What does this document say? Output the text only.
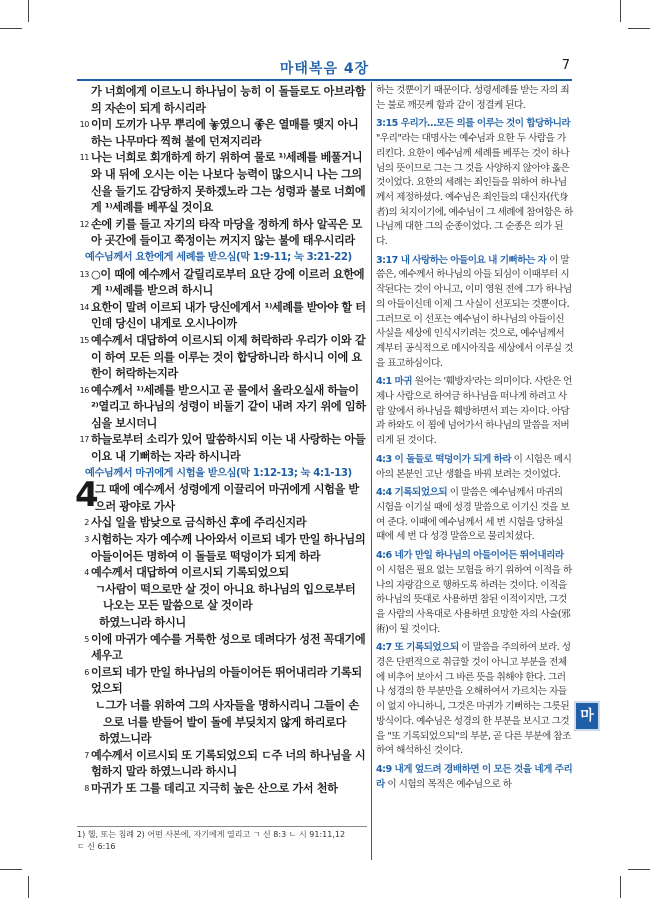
마태복음 4장	7
가 너희에게 이르노니 하나님이 능히 이 돌들로도 아브라함의 자손이 되게 하시리라
10 이미 도끼가 나무 뿌리에 놓였으니 좋은 열매를 맺지 아니하는 나무마다 찍혀 불에 던져지리라
11 나는 너희로 회개하게 하기 위하여 물로 ¹⁾세례를 베풀거니와 내 뒤에 오시는 이는 나보다 능력이 많으시니 나는 그의 신을 들기도 감당하지 못하겠노라 그는 성령과 불로 너희에게 ¹⁾세례를 베푸실 것이요
12 손에 키를 들고 자기의 타작 마당을 정하게 하사 알곡은 모아 곳간에 들이고 쭉정이는 꺼지지 않는 불에 태우시리라
예수님께서 요한에게 세례를 받으심(막 1:9-11; 눅 3:21-22)
13 ○이 때에 예수께서 갈릴리로부터 요단 강에 이르러 요한에게 ¹⁾세례를 받으려 하시니
14 요한이 말려 이르되 내가 당신에게서 ¹⁾세례를 받아야 할 터인데 당신이 내게로 오시나이까
15 예수께서 대답하여 이르시되 이제 허락하라 우리가 이와 같이 하여 모든 의를 이루는 것이 합당하니라 하시니 이에 요한이 허락하는지라
16 예수께서 ¹⁾세례를 받으시고 곧 물에서 올라오실새 하늘이 ²⁾열리고 하나님의 성령이 비둘기 같이 내려 자기 위에 임하심을 보시더니
17 하늘로부터 소리가 있어 말씀하시되 이는 내 사랑하는 아들이요 내 기뻐하는 자라 하시니라
예수님께서 마귀에게 시험을 받으심(막 1:12-13; 눅 4:1-13)
4
그 때에 예수께서 성령에게 이끌리어 마귀에게 시험을 받으러 광야로 가사
2 사십 일을 밤낮으로 금식하신 후에 주리신지라
3 시험하는 자가 예수께 나아와서 이르되 네가 만일 하나님의 아들이어든 명하여 이 돌들로 떡덩이가 되게 하라
4 예수께서 대답하여 이르시되 기록되었으되
ㄱ사람이 떡으로만 살 것이 아니요 하나님의 입으로부터 나오는 모든 말씀으로 살 것이라
하였느니라 하시니
5 이에 마귀가 예수를 거룩한 성으로 데려다가 성전 꼭대기에 세우고
6 이르되 네가 만일 하나님의 아들이어든 뛰어내리라 기록되었으되
ㄴ그가 너를 위하여 그의 사자들을 명하시리니 그들이 손으로 너를 받들어 발이 돌에 부딪치지 않게 하리로다
하였느니라
7 예수께서 이르시되 또 기록되었으되 ㄷ주 너의 하나님을 시험하지 말라 하였느니라 하시니
8 마귀가 또 그를 데리고 지극히 높은 산으로 가서 천하
1) 헬, 또는 침례 2) 어떤 사본에, 자기에게 열리고 ㄱ 신 8:3 ㄴ 시 91:11,12
ㄷ 신 6:16

하는 것뿐이기 때문이다. 성령세례를 받는 자의 죄는 불로 깨끗케 함과 같이 정결케 된다.

3:15 우리가…모든 의를 이루는 것이 합당하니라 "우리"라는 대명사는 예수님과 요한 두 사람을 가리킨다. 요한이 예수님께 세례를 베푸는 것이 하나님의 뜻이므로 그는 그 것을 사양하지 않아야 옳은 것이었다. 요한의 세례는 죄인들을 위하여 하나님께서 제정하셨다. 예수님은 죄인들의 대신자(代身者)의 처지이기에, 예수님이 그 세례에 참여함은 하나님께 대한 그의 순종이었다. 그 순종은 의가 된다.

3:17 내 사랑하는 아들이요 내 기뻐하는 자 이 말씀은, 예수께서 하나님의 아들 되심이 이때부터 시작된다는 것이 아니고, 이미 영원 전에 그가 하나님의 아들이신데 이제 그 사실이 선포되는 것뿐이다. 그러므로 이 선포는 예수님이 하나님의 아들이신 사실을 세상에 인식시키려는 것으로, 예수님께서 계부터 공식적으로 메시아직을 세상에서 이루실 것을 표고하심이다.

4:1 마귀 원어는 '훼방자'라는 의미이다. 사탄은 언제나 사람으로 하여금 하나님을 떠나게 하려고 사람 앞에서 하나님을 훼방하면서 꾀는 자이다. 아담과 하와도 이 꾐에 넘어가서 하나님의 말씀을 저버리게 된 것이다.

4:3 이 돌들로 떡덩이가 되게 하라 이 시험은 메시아의 본분인 고난 생활을 바꿔 보려는 것이었다.

4:4 기록되었으되 이 말씀은 예수님께서 마귀의 시험을 이기실 때에 성경 말씀으로 이기신 것을 보여 준다. 이때에 예수님께서 세 번 시험을 당하실 때에 세 번 다 성경 말씀으로 물리치셨다.

4:6 네가 만일 하나님의 아들이어든 뛰어내리라 이 시험은 필요 없는 모험을 하기 위하여 이적을 하나의 자랑감으로 행하도록 하려는 것이다. 이적을 하나님의 뜻대로 사용하면 참된 이적이지만, 그것을 사람의 사욕대로 사용하면 요망한 자의 사술(邪術)이 될 것이다.

4:7 또 기록되었으되 이 말씀을 주의하여 보라. 성경은 단편적으로 취급할 것이 아니고 부분을 전체에 비추어 보아서 그 바른 뜻을 취해야 한다. 그러나 성경의 한 부분만을 오해하여서 가르치는 자들이 없지 아니하니, 그것은 마귀가 기뻐하는 그릇된 방식이다. 예수님은 성경의 한 부분을 보시고 그것을 "또 기록되었으되"의 부분, 곧 다른 부분에 참조하여 해석하신 것이다.

4:9 내게 엎드려 경배하면 이 모든 것을 네게 주리라 이 시험의 목적은 예수님으로 하

마
